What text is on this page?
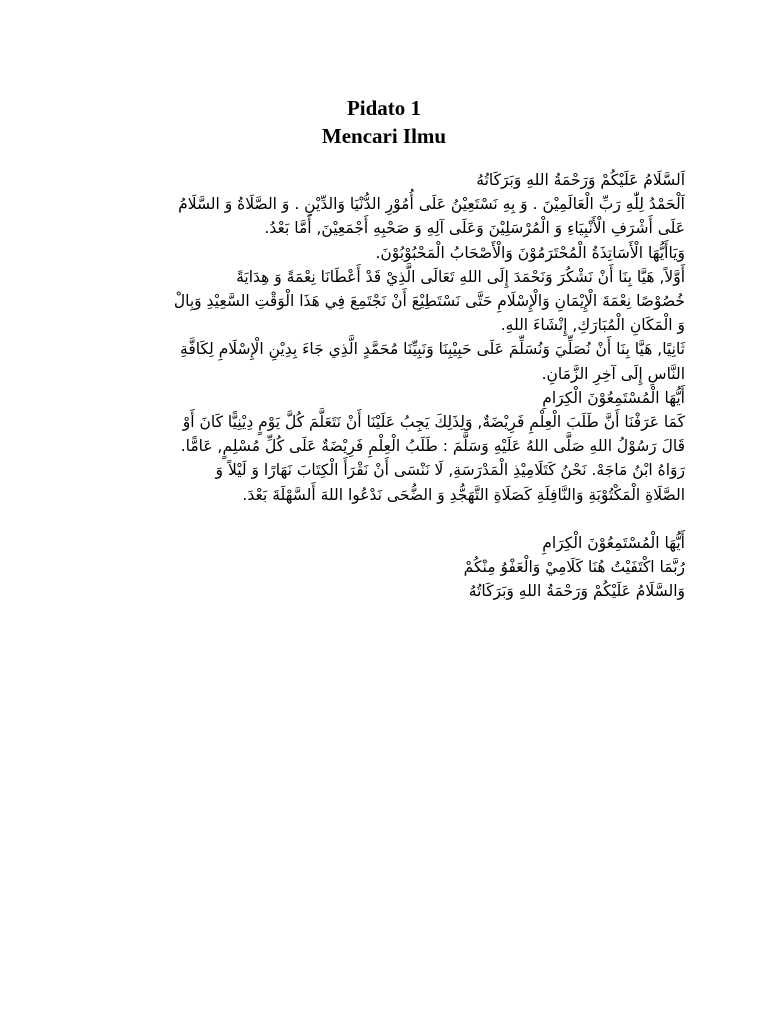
Pidato 1

Mencari Ilmu

اَلسَّلَامُ عَلَيْكُمْ وَرَحْمَةُ اللهِ وَبَرَكَاتُهُ

اَلْحَمْدُ لِلّٰهِ رَبِّ الْعَالَمِيْنَ . وَ بِهِ نَسْتَعِيْنُ عَلَى أُمُوْرِ الدُّنْيَا وَالدِّيْنِ . وَ الصَّلَاةُ وَ السَّلَامُ

عَلَى أَشْرَفِ الْأَنْبِيَاءِ وَ الْمُرْسَلِيْنَ وَعَلَى آلِهِ وَ صَحْبِهِ أَجْمَعِيْنَ, أَمَّا بَعْدُ.

وَيَاأَيُّهَا الْأَسَاتِذَةُ الْمُحْتَرَمُوْنَ وَالْأَصْحَابُ الْمَحْبُوْبُوْنَ.

أَوَّلاً, هَيَّا بِنَا أَنْ نَشْكُرَ وَنَحْمَدَ إِلَى اللهِ تَعَالَى الَّذِيْ قَدْ أَعْطَانَا نِعْمَةً وَ هِدَايَةً

خُصُوْصًا نِعْمَةَ الْإِيْمَانِ وَالْإِسْلَامِ حَتَّى نَسْتَطِيْعَ أَنْ نَجْتَمِعَ فِي هَذَا الْوَقْتِ السَّعِيْدِ وَبِالْ

وَ الْمَكَانِ الْمُبَارَكِ, إِنْشَاءَ اللهِ.

ثَانِيًا, هَيَّا بِنَا أَنْ نُصَلِّيَ وَنُسَلِّمَ عَلَى حَبِيْبِنَا وَنَبِيِّنَا مُحَمَّدٍ الَّذِي جَاءَ بِدِيْنِ الْإِسْلَامِ لِكَافَّةِ

النَّاسِ إِلَى آخِرِ الزَّمَانِ.

أَيُّهَا الْمُسْتَمِعُوْنَ الْكِرَامِ

كَمَا عَرَفْنَا أَنَّ طَلَبَ الْعِلْمِ فَرِيْضَةٌ, وَلِذَلِكَ يَجِبُ عَلَيْنَا أَنْ نَتَعَلَّمَ كُلَّ يَوْمٍ دِيْنِيًّا كَانَ أَوْ

قَالَ رَسُوْلُ اللهِ صَلَّى اللهُ عَلَيْهِ وَسَلَّمَ : طَلَبُ الْعِلْمِ فَرِيْضَةٌ عَلَى كُلِّ مُسْلِمٍ, عَامًّا.

رَوَاهُ ابْنُ مَاجَهْ. نَحْنُ كَتَلَامِيْذِ الْمَدْرَسَةِ, لَا نَنْسَى أَنْ نَقْرَأَ الْكِتَابَ نَهَارًا وَ لَيْلاً وَ

الصَّلَاةِ الْمَكْتُوْبَةِ وَالنَّافِلَةِ كَصَلَاةِ التَّهَجُّدِ وَ الضُّحَى نَدْعُوا اللهَ أَلسَّهْلَةَ بَعْدَ.

أَيُّهَا الْمُسْتَمِعُوْنَ الْكِرَامِ

رُبَّمَا اكْتَفَيْتُ هُنَا كَلَامِيْ وَالْعَفْوُ مِنْكُمْ

وَالسَّلَامُ عَلَيْكُمْ وَرَحْمَةُ اللهِ وَبَرَكَاتُهُ
